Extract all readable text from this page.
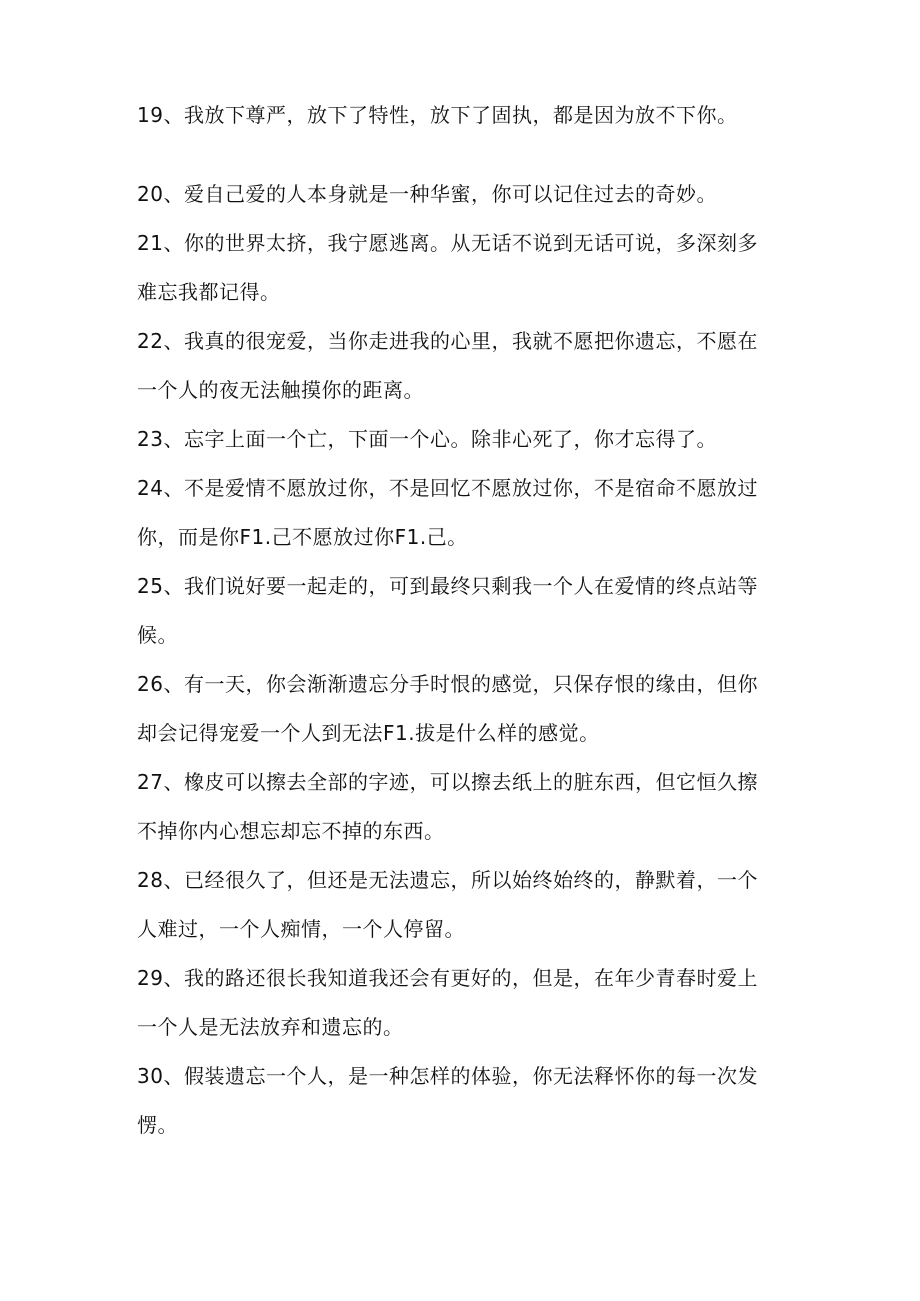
19、我放下尊严，放下了特性，放下了固执，都是因为放不下你。
20、爱自己爱的人本身就是一种华蜜，你可以记住过去的奇妙。
21、你的世界太挤，我宁愿逃离。从无话不说到无话可说，多深刻多
难忘我都记得。
22、我真的很宠爱，当你走进我的心里，我就不愿把你遗忘，不愿在
一个人的夜无法触摸你的距离。
23、忘字上面一个亡，下面一个心。除非心死了，你才忘得了。
24、不是爱情不愿放过你，不是回忆不愿放过你，不是宿命不愿放过
你，而是你F1.己不愿放过你F1.己。
25、我们说好要一起走的，可到最终只剩我一个人在爱情的终点站等
候。
26、有一天，你会渐渐遗忘分手时恨的感觉，只保存恨的缘由，但你
却会记得宠爱一个人到无法F1.拔是什么样的感觉。
27、橡皮可以擦去全部的字迹，可以擦去纸上的脏东西，但它恒久擦
不掉你内心想忘却忘不掉的东西。
28、已经很久了，但还是无法遗忘，所以始终始终的，静默着，一个
人难过，一个人痴情，一个人停留。
29、我的路还很长我知道我还会有更好的，但是，在年少青春时爱上
一个人是无法放弃和遗忘的。
30、假装遗忘一个人，是一种怎样的体验，你无法释怀你的每一次发
愣。
